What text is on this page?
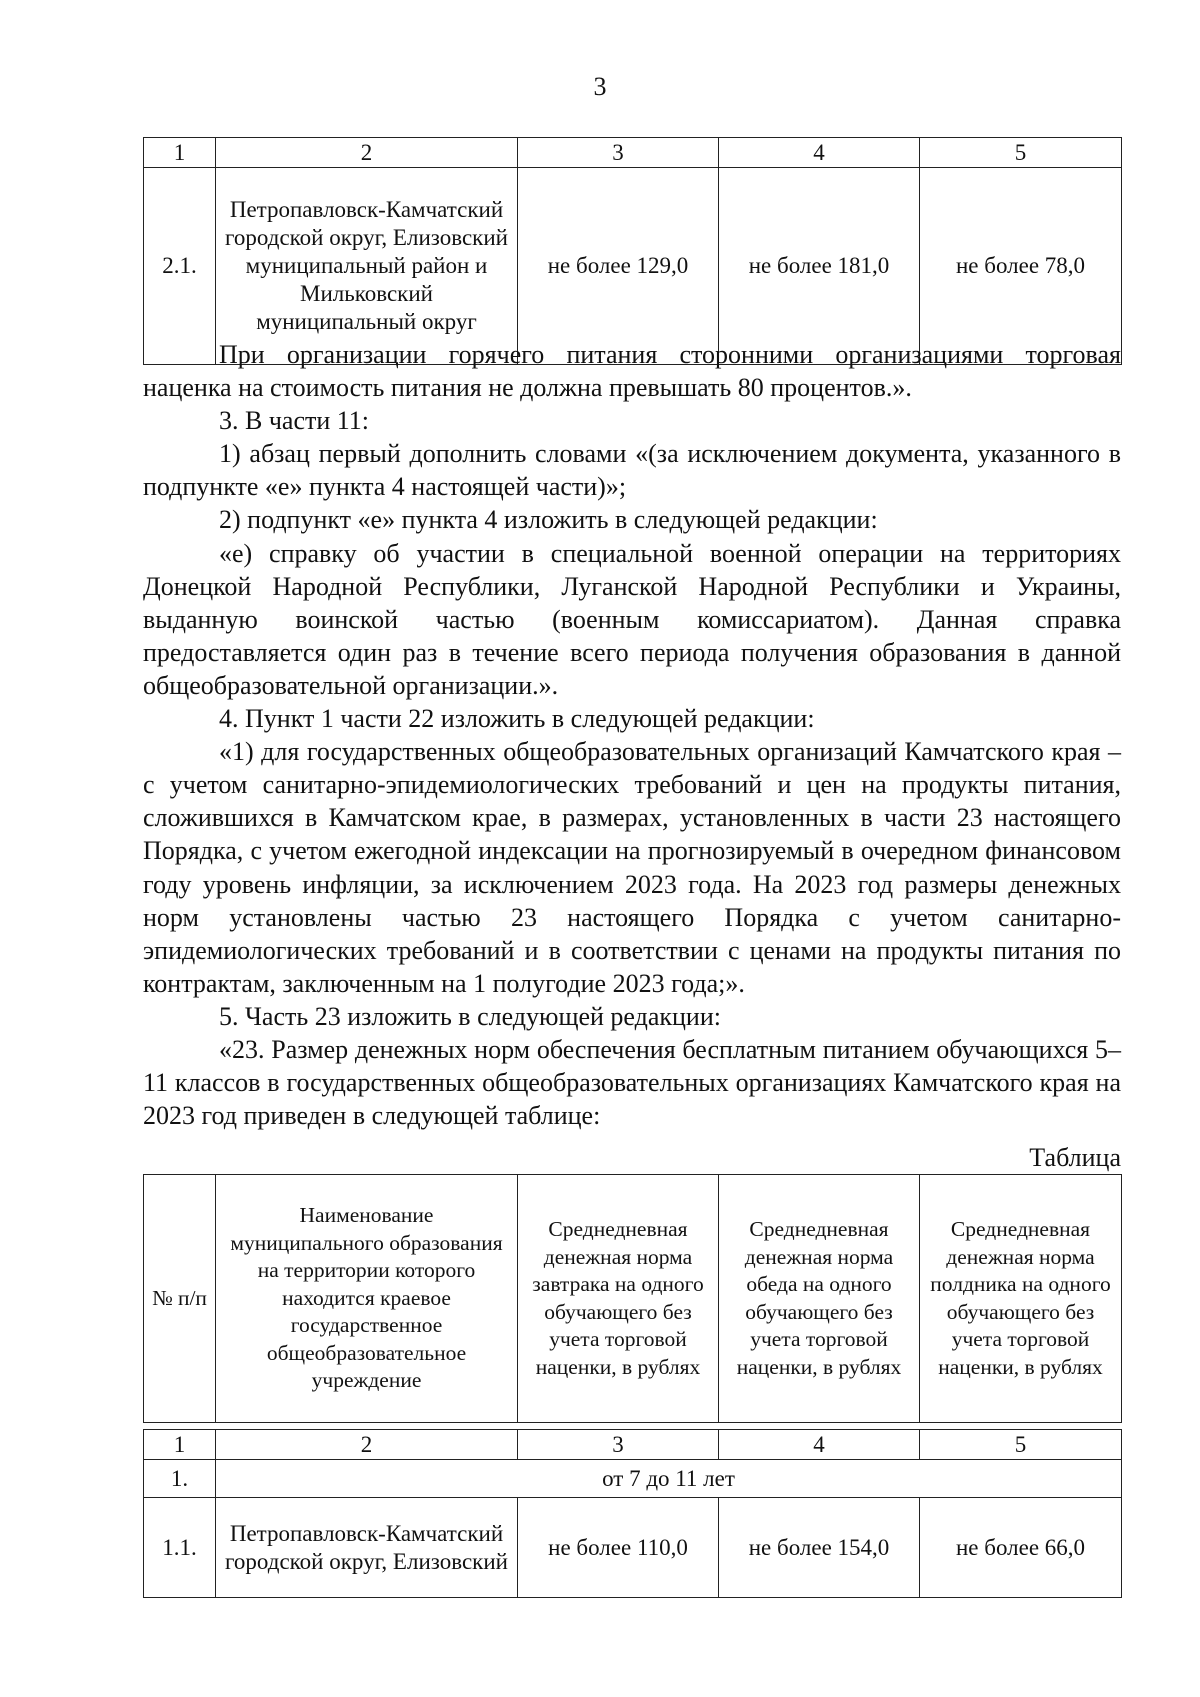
3
1	2	3	4	5
2.1.	Петропавловск-Камчатский городской округ, Елизовский муниципальный район и Мильковский муниципальный округ	не более 129,0	не более 181,0	не более 78,0

При организации горячего питания сторонними организациями торговая наценка на стоимость питания не должна превышать 80 процентов.».

3. В части 11:

1) абзац первый дополнить словами «(за исключением документа, указанного в подпункте «е» пункта 4 настоящей части)»;

2) подпункт «е» пункта 4 изложить в следующей редакции:

«е) справку об участии в специальной военной операции на территориях Донецкой Народной Республики, Луганской Народной Республики и Украины, выданную воинской частью (военным комиссариатом). Данная справка предоставляется один раз в течение всего периода получения образования в данной общеобразовательной организации.».

4. Пункт 1 части 22 изложить в следующей редакции:

«1) для государственных общеобразовательных организаций Камчатского края – с учетом санитарно-эпидемиологических требований и цен на продукты питания, сложившихся в Камчатском крае, в размерах, установленных в части 23 настоящего Порядка, с учетом ежегодной индексации на прогнозируемый в очередном финансовом году уровень инфляции, за исключением 2023 года. На 2023 год размеры денежных норм установлены частью 23 настоящего Порядка с учетом санитарно-эпидемиологических требований и в соответствии с ценами на продукты питания по контрактам, заключенным на 1 полугодие 2023 года;».

5. Часть 23 изложить в следующей редакции:

«23. Размер денежных норм обеспечения бесплатным питанием обучающихся 5–11 классов в государственных общеобразовательных организациях Камчатского края на 2023 год приведен в следующей таблице:

Таблица
№ п/п	Наименование муниципального образования на территории которого находится краевое государственное общеобразовательное учреждение	Среднедневная денежная норма завтрака на одного обучающего без учета торговой наценки, в рублях	Среднедневная денежная норма обеда на одного обучающего без учета торговой наценки, в рублях	Среднедневная денежная норма полдника на одного обучающего без учета торговой наценки, в рублях

1	2	3	4	5
1.	от 7 до 11 лет			
1.1.	Петропавловск-Камчатский городской округ, Елизовский	не более 110,0	не более 154,0	не более 66,0
